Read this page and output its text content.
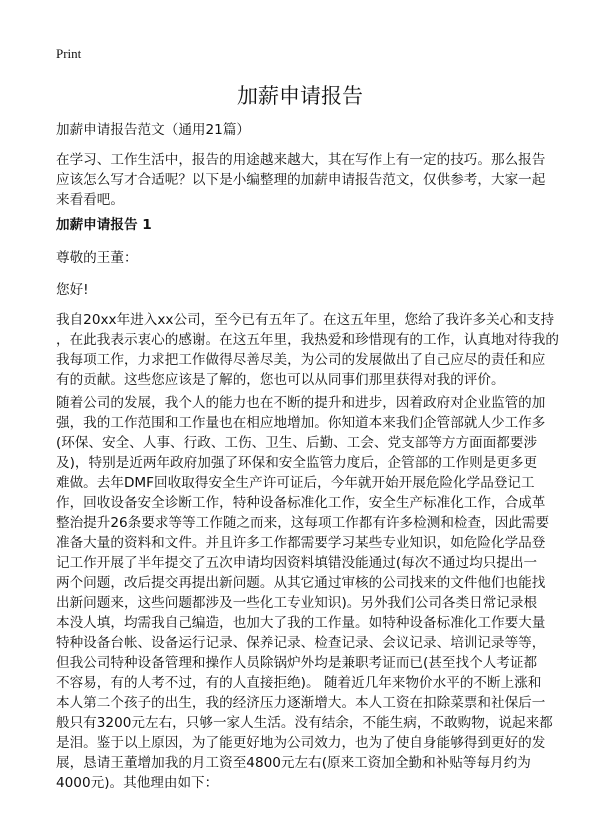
Print
加薪申请报告
加薪申请报告范文（通用21篇）
在学习、工作生活中，报告的用途越来越大，其在写作上有一定的技巧。那么报告
应该怎么写才合适呢？以下是小编整理的加薪申请报告范文，仅供参考，大家一起
来看看吧。
加薪申请报告 1
尊敬的王董：
您好!
我自20xx年进入xx公司，至今已有五年了。在这五年里，您给了我许多关心和支持
，在此我表示衷心的感谢。在这五年里，我热爱和珍惜现有的工作，认真地对待我的
我每项工作，力求把工作做得尽善尽美，为公司的发展做出了自己应尽的责任和应
有的贡献。这些您应该是了解的，您也可以从同事们那里获得对我的评价。
随着公司的发展，我个人的能力也在不断的提升和进步，因着政府对企业监管的加
强，我的工作范围和工作量也在相应地增加。你知道本来我们企管部就人少工作多
(环保、安全、人事、行政、工伤、卫生、后勤、工会、党支部等方方面面都要涉
及)，特别是近两年政府加强了环保和安全监管力度后，企管部的工作则是更多更
难做。去年DMF回收取得安全生产许可证后，今年就开始开展危险化学品登记工
作，回收设备安全诊断工作，特种设备标准化工作，安全生产标准化工作，合成革
整治提升26条要求等等工作随之而来，这每项工作都有许多检测和检查，因此需要
准备大量的资料和文件。并且许多工作都需要学习某些专业知识，如危险化学品登
记工作开展了半年提交了五次申请均因资料填错没能通过(每次不通过均只提出一
两个问题，改后提交再提出新问题。从其它通过审核的公司找来的文件他们也能找
出新问题来，这些问题都涉及一些化工专业知识)。另外我们公司各类日常记录根
本没人填，均需我自己编造，也加大了我的工作量。如特种设备标准化工作要大量
特种设备台帐、设备运行记录、保养记录、检查记录、会议记录、培训记录等等，
但我公司特种设备管理和操作人员除锅炉外均是兼职考证而已(甚至找个人考证都
不容易，有的人考不过，有的人直接拒绝)。 随着近几年来物价水平的不断上涨和
本人第二个孩子的出生，我的经济压力逐渐增大。本人工资在扣除菜票和社保后一
般只有3200元左右，只够一家人生活。没有结余，不能生病，不敢购物，说起来都
是泪。鉴于以上原因，为了能更好地为公司效力，也为了使自身能够得到更好的发
展，恳请王董增加我的月工资至4800元左右(原来工资加全勤和补贴等每月约为
4000元)。其他理由如下：
